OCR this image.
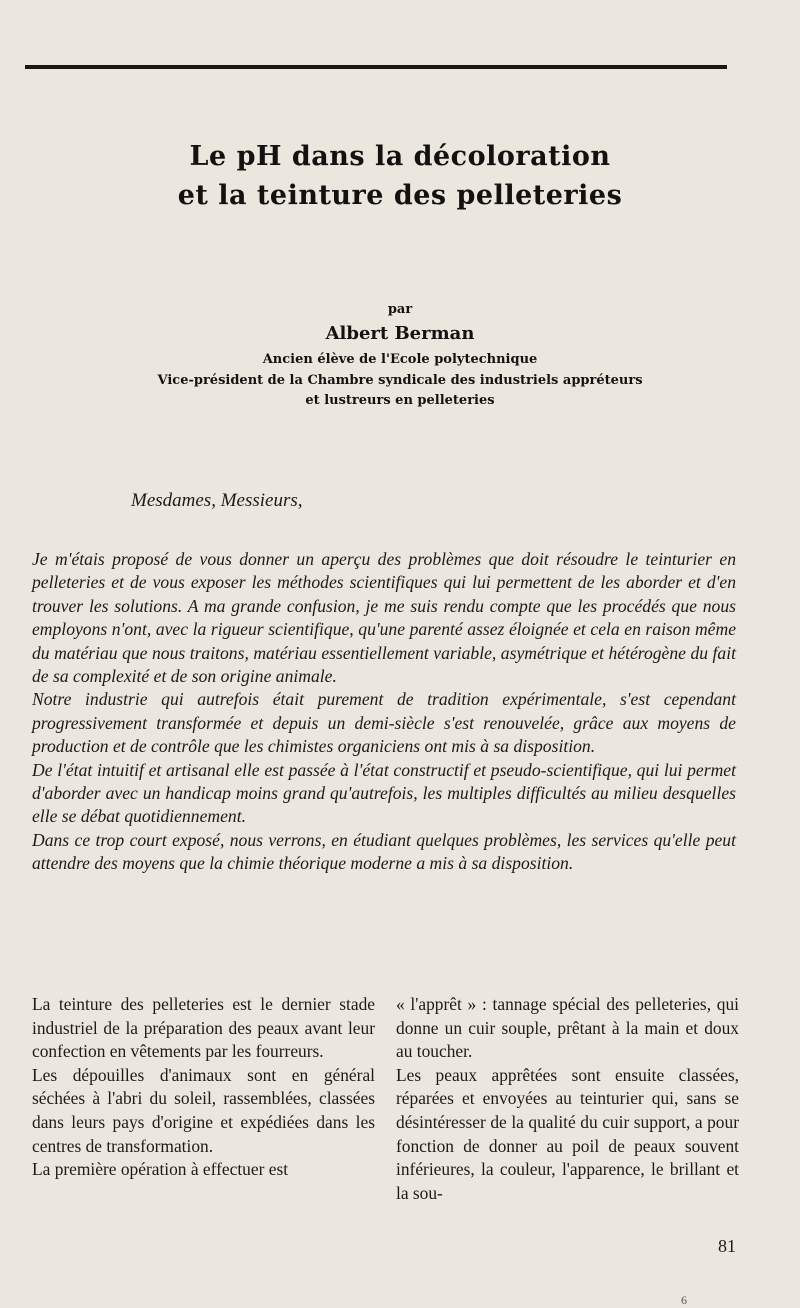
Le pH dans la décoloration
et la teinture des pelleteries
par
Albert Berman
Ancien élève de l'Ecole polytechnique
Vice-président de la Chambre syndicale des industriels appréteurs
et lustreurs en pelleteries
Mesdames, Messieurs,

Je m'étais proposé de vous donner un aperçu des problèmes que doit résoudre le teinturier en pelleteries et de vous exposer les méthodes scientifiques qui lui permettent de les aborder et d'en trouver les solutions. A ma grande confusion, je me suis rendu compte que les procédés que nous employons n'ont, avec la rigueur scientifique, qu'une parenté assez éloignée et cela en raison même du matériau que nous traitons, matériau essentiellement variable, asymétrique et hétérogène du fait de sa complexité et de son origine animale.

Notre industrie qui autrefois était purement de tradition expérimentale, s'est cependant progressivement transformée et depuis un demi-siècle s'est renouvelée, grâce aux moyens de production et de contrôle que les chimistes organiciens ont mis à sa disposition.

De l'état intuitif et artisanal elle est passée à l'état constructif et pseudo-scientifique, qui lui permet d'aborder avec un handicap moins grand qu'autrefois, les multiples difficultés au milieu desquelles elle se débat quotidiennement.

Dans ce trop court exposé, nous verrons, en étudiant quelques problèmes, les services qu'elle peut attendre des moyens que la chimie théorique moderne a mis à sa disposition.

La teinture des pelleteries est le dernier stade industriel de la préparation des peaux avant leur confection en vêtements par les fourreurs.

Les dépouilles d'animaux sont en général séchées à l'abri du soleil, rassemblées, classées dans leurs pays d'origine et expédiées dans les centres de transformation.

La première opération à effectuer est

« l'apprêt » : tannage spécial des pelleteries, qui donne un cuir souple, prêtant à la main et doux au toucher.

Les peaux apprêtées sont ensuite classées, réparées et envoyées au teinturier qui, sans se désintéresser de la qualité du cuir support, a pour fonction de donner au poil de peaux souvent inférieures, la couleur, l'apparence, le brillant et la sou-

81
6
